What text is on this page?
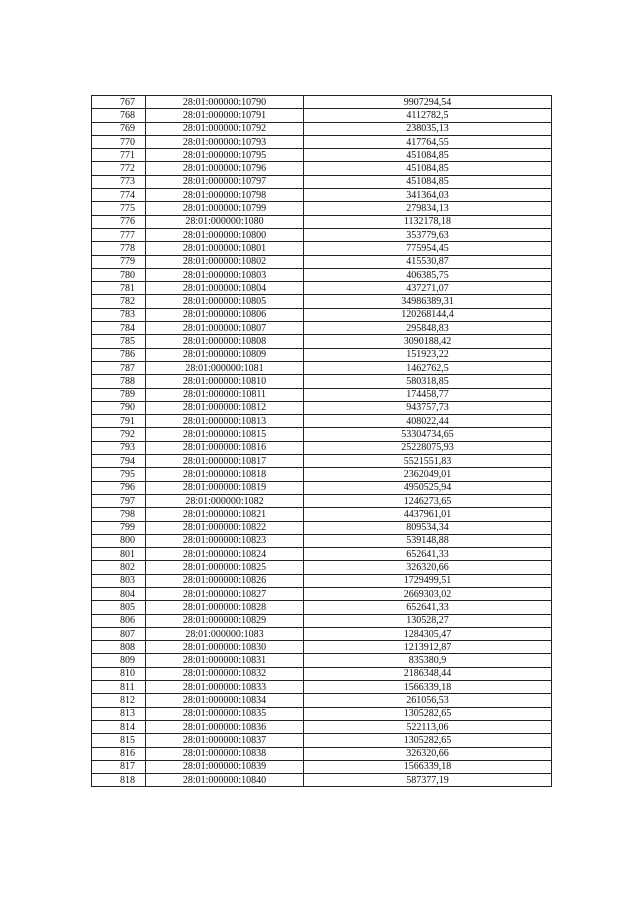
767	28:01:000000:10790	9907294,54
768	28:01:000000:10791	4112782,5
769	28:01:000000:10792	238035,13
770	28:01:000000:10793	417764,55
771	28:01:000000:10795	451084,85
772	28:01:000000:10796	451084,85
773	28:01:000000:10797	451084,85
774	28:01:000000:10798	341364,03
775	28:01:000000:10799	279834,13
776	28:01:000000:1080	1132178,18
777	28:01:000000:10800	353779,63
778	28:01:000000:10801	775954,45
779	28:01:000000:10802	415530,87
780	28:01:000000:10803	406385,75
781	28:01:000000:10804	437271,07
782	28:01:000000:10805	34986389,31
783	28:01:000000:10806	120268144,4
784	28:01:000000:10807	295848,83
785	28:01:000000:10808	3090188,42
786	28:01:000000:10809	151923,22
787	28:01:000000:1081	1462762,5
788	28:01:000000:10810	580318,85
789	28:01:000000:10811	174458,77
790	28:01:000000:10812	943757,73
791	28:01:000000:10813	408022,44
792	28:01:000000:10815	53304734,65
793	28:01:000000:10816	25228075,93
794	28:01:000000:10817	5521551,83
795	28:01:000000:10818	2362049,01
796	28:01:000000:10819	4950525,94
797	28:01:000000:1082	1246273,65
798	28:01:000000:10821	4437961,01
799	28:01:000000:10822	809534,34
800	28:01:000000:10823	539148,88
801	28:01:000000:10824	652641,33
802	28:01:000000:10825	326320,66
803	28:01:000000:10826	1729499,51
804	28:01:000000:10827	2669303,02
805	28:01:000000:10828	652641,33
806	28:01:000000:10829	130528,27
807	28:01:000000:1083	1284305,47
808	28:01:000000:10830	1213912,87
809	28:01:000000:10831	835380,9
810	28:01:000000:10832	2186348,44
811	28:01:000000:10833	1566339,18
812	28:01:000000:10834	261056,53
813	28:01:000000:10835	1305282,65
814	28:01:000000:10836	522113,06
815	28:01:000000:10837	1305282,65
816	28:01:000000:10838	326320,66
817	28:01:000000:10839	1566339,18
818	28:01:000000:10840	587377,19
